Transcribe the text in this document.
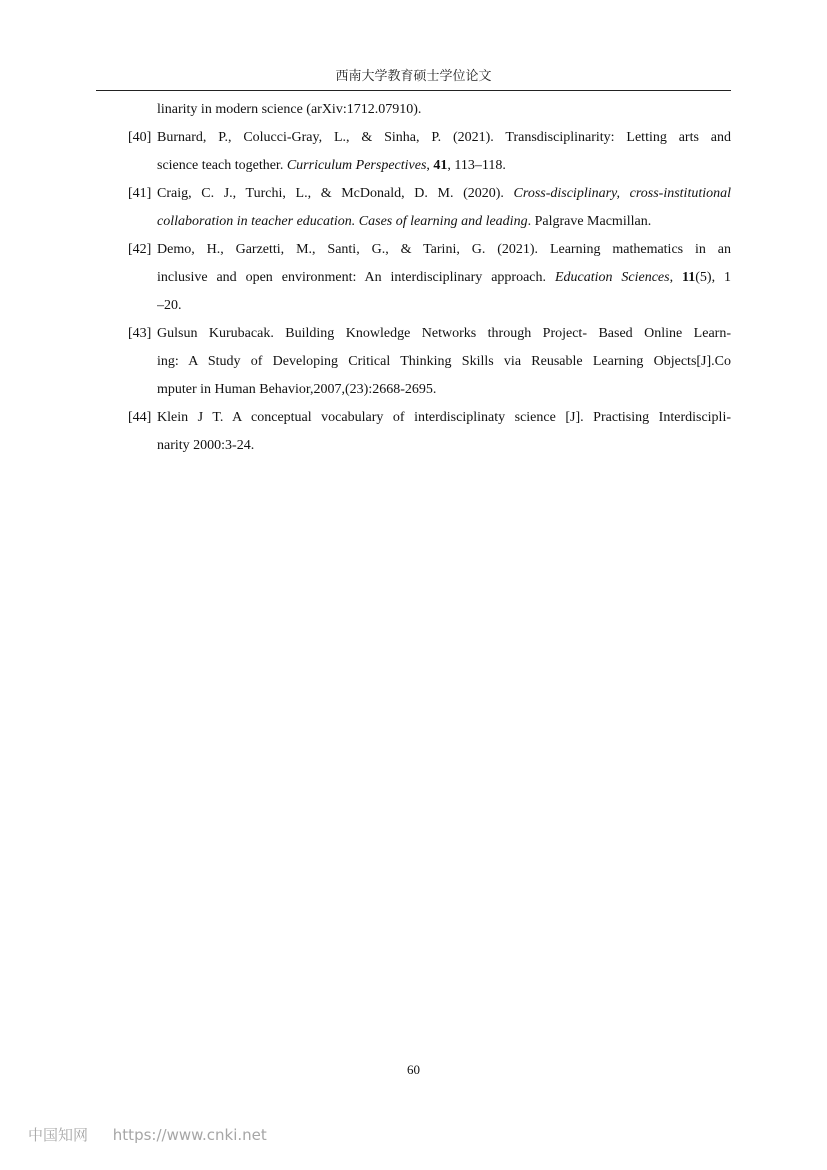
西南大学教育硕士学位论文
linarity in modern science (arXiv:1712.07910).
[40] Burnard, P., Colucci-Gray, L., & Sinha, P. (2021). Transdisciplinarity: Letting arts and
science teach together. Curriculum Perspectives, 41, 113–118.
[41] Craig, C. J., Turchi, L., & McDonald, D. M. (2020). Cross-disciplinary, cross-institutional
collaboration in teacher education. Cases of learning and leading. Palgrave Macmillan.
[42] Demo, H., Garzetti, M., Santi, G., & Tarini, G. (2021). Learning mathematics in an
inclusive and open environment: An interdisciplinary approach. Education Sciences, 11(5), 1
–20.
[43] Gulsun Kurubacak. Building Knowledge Networks through Project- Based Online Learn-
ing: A Study of Developing Critical Thinking Skills via Reusable Learning Objects[J].Co
mputer in Human Behavior,2007,(23):2668-2695.
[44] Klein J T. A conceptual vocabulary of interdisciplinaty science [J]. Practising Interdiscipli-
narity 2000:3-24.
60
中国知网 https://www.cnki.net
